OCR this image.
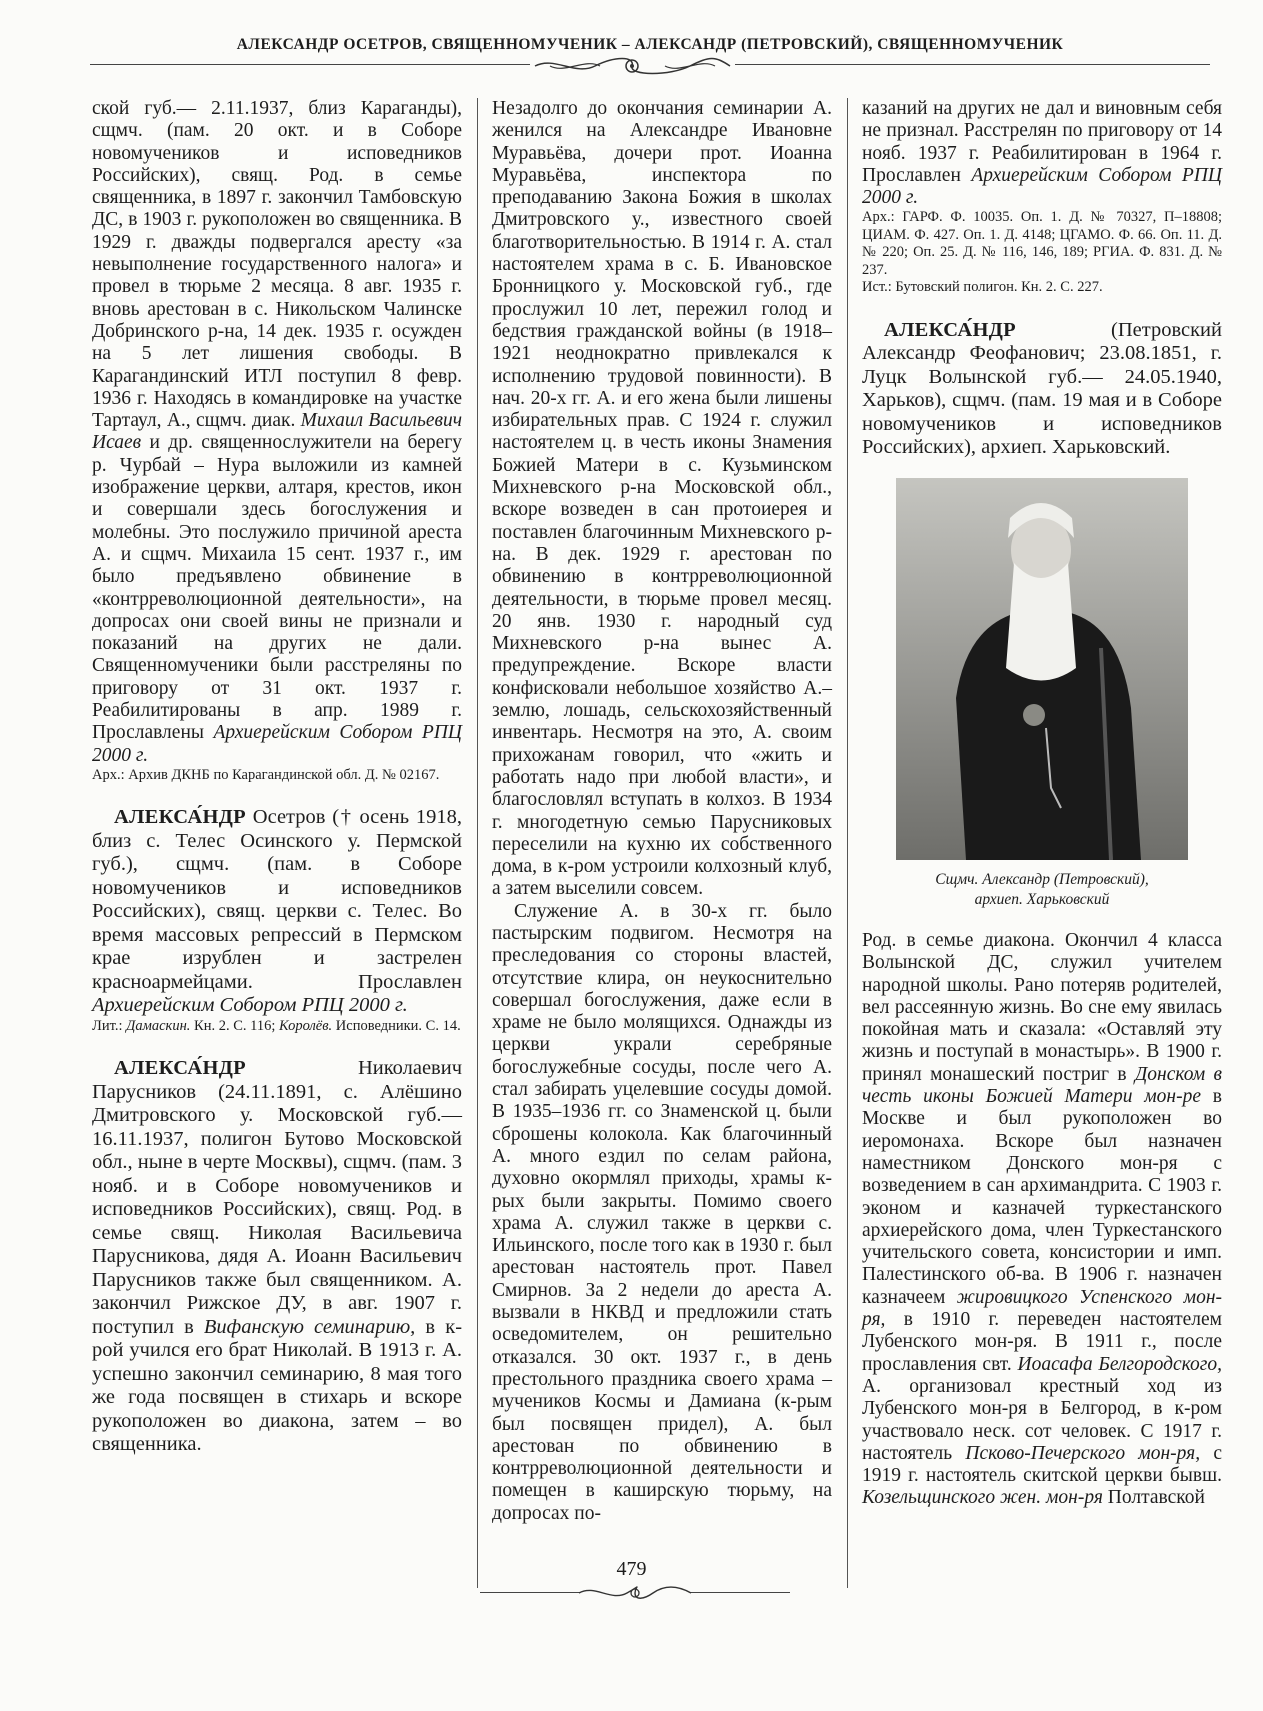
АЛЕКСАНДР ОСЕТРОВ, СВЯЩЕННОМУЧЕНИК – АЛЕКСАНДР (ПЕТРОВСКИЙ), СВЯЩЕННОМУЧЕНИК

ской губ.— 2.11.1937, близ Караганды), сщмч. (пам. 20 окт. и в Соборе новомучеников и исповедников Российских), свящ. Род. в семье священника, в 1897 г. закончил Тамбовскую ДС, в 1903 г. рукоположен во священника. В 1929 г. дважды подвергался аресту «за невыполнение государственного налога» и провел в тюрьме 2 месяца. 8 авг. 1935 г. вновь арестован в с. Никольском Чалинске Добринского р-на, 14 дек. 1935 г. осужден на 5 лет лишения свободы. В Карагандинский ИТЛ поступил 8 февр. 1936 г. Находясь в командировке на участке Тартаул, А., сщмч. диак. Михаил Васильевич Исаев и др. священнослужители на берегу р. Чурбай – Нура выложили из камней изображение церкви, алтаря, крестов, икон и совершали здесь богослужения и молебны. Это послужило причиной ареста А. и сщмч. Михаила 15 сент. 1937 г., им было предъявлено обвинение в «контрреволюционной деятельности», на допросах они своей вины не признали и показаний на других не дали. Священномученики были расстреляны по приговору от 31 окт. 1937 г. Реабилитированы в апр. 1989 г. Прославлены Архиерейским Собором РПЦ 2000 г.

Арх.: Архив ДКНБ по Карагандинской обл. Д. № 02167.

АЛЕКСА́НДР Осетров († осень 1918, близ с. Телес Осинского у. Пермской губ.), сщмч. (пам. в Соборе новомучеников и исповедников Российских), свящ. церкви с. Телес. Во время массовых репрессий в Пермском крае изрублен и застрелен красноармейцами. Прославлен Архиерейским Собором РПЦ 2000 г.

Лит.: Дамаскин. Кн. 2. С. 116; Королёв. Исповедники. С. 14.

АЛЕКСА́НДР	Николаевич Парусников (24.11.1891, с. Алёшино Дмитровского у. Московской губ.— 16.11.1937, полигон Бутово Московской обл., ныне в черте Москвы), сщмч. (пам. 3 нояб. и в Соборе новомучеников и исповедников Российских), свящ. Род. в семье свящ. Николая Васильевича Парусникова, дядя А. Иоанн Васильевич Парусников также был священником. А. закончил Рижское ДУ, в авг. 1907 г. поступил в Вифанскую семинарию, в к-рой учился его брат Николай. В 1913 г. А. успешно закончил семинарию, 8 мая того же года посвящен в стихарь и вскоре рукоположен во диакона, затем – во священника.

Незадолго до окончания семинарии А. женился на Александре Ивановне Муравьёва, дочери прот. Иоанна Муравьёва, инспектора по преподаванию Закона Божия в школах Дмитровского у., известного своей благотворительностью. В 1914 г. А. стал настоятелем храма в с. Б. Ивановское Бронницкого у. Московской губ., где прослужил 10 лет, пережил голод и бедствия гражданской войны (в 1918–1921 неоднократно привлекался к исполнению трудовой повинности). В нач. 20-х гг. А. и его жена были лишены избирательных прав. С 1924 г. служил настоятелем ц. в честь иконы Знамения Божией Матери в с. Кузьминском Михневского р-на Московской обл., вскоре возведен в сан протоиерея и поставлен благочинным Михневского р-на. В дек. 1929 г. арестован по обвинению в контрреволюционной деятельности, в тюрьме провел месяц. 20 янв. 1930 г. народный суд Михневского р-на вынес А. предупреждение. Вскоре власти конфисковали небольшое хозяйство А.– землю, лошадь, сельскохозяйственный инвентарь. Несмотря на это, А. своим прихожанам говорил, что «жить и работать надо при любой власти», и благословлял вступать в колхоз. В 1934 г. многодетную семью Парусниковых переселили на кухню их собственного дома, в к-ром устроили колхозный клуб, а затем выселили совсем.

Служение А. в 30-х гг. было пастырским подвигом. Несмотря на преследования со стороны властей, отсутствие клира, он неукоснительно совершал богослужения, даже если в храме не было молящихся. Однажды из церкви украли серебряные богослужебные сосуды, после чего А. стал забирать уцелевшие сосуды домой. В 1935–1936 гг. со Знаменской ц. были сброшены колокола. Как благочинный А. много ездил по селам района, духовно окормлял приходы, храмы к-рых были закрыты. Помимо своего храма А. служил также в церкви с. Ильинского, после того как в 1930 г. был арестован настоятель прот. Павел Смирнов. За 2 недели до ареста А. вызвали в НКВД и предложили стать осведомителем, он решительно отказался. 30 окт. 1937 г., в день престольного праздника своего храма – мучеников Космы и Дамиана (к-рым был посвящен придел), А. был арестован по обвинению в контрреволюционной деятельности и помещен в каширскую тюрьму, на допросах по-

казаний на других не дал и виновным себя не признал. Расстрелян по приговору от 14 нояб. 1937 г. Реабилитирован в 1964 г. Прославлен Архиерейским Собором РПЦ 2000 г.

Арх.: ГАРФ. Ф. 10035. Оп. 1. Д. № 70327, П–18808; ЦИАМ. Ф. 427. Оп. 1. Д. 4148; ЦГАМО. Ф. 66. Оп. 11. Д. № 220; Оп. 25. Д. № 116, 146, 189; РГИА. Ф. 831. Д. № 237.

Ист.: Бутовский полигон. Кн. 2. С. 227.

АЛЕКСА́НДР	(Петровский Александр Феофанович; 23.08.1851, г. Луцк Волынской губ.— 24.05.1940, Харьков), сщмч. (пам. 19 мая и в Соборе новомучеников и исповедников Российских), архиеп. Харьковский.

Сщмч. Александр (Петровский),
архиеп. Харьковский

Род. в семье диакона. Окончил 4 класса Волынской ДС, служил учителем народной школы. Рано потеряв родителей, вел рассеянную жизнь. Во сне ему явилась покойная мать и сказала: «Оставляй эту жизнь и поступай в монастырь». В 1900 г. принял монашеский постриг в Донском в честь иконы Божией Матери мон-ре в Москве и был рукоположен во иеромонаха. Вскоре был назначен наместником Донского мон-ря с возведением в сан архимандрита. С 1903 г. эконом и казначей туркестанского архиерейского дома, член Туркестанского учительского совета, консистории и имп. Палестинского об-ва. В 1906 г. назначен казначеем жировицкого Успенского мон-ря, в 1910 г. переведен настоятелем Лубенского мон-ря. В 1911 г., после прославления свт. Иоасафа Белгородского, А. организовал крестный ход из Лубенского мон-ря в Белгород, в к-ром участвовало неск. сот человек. С 1917 г. настоятель Псково-Печерского мон-ря, с 1919 г. настоятель скитской церкви бывш. Козельщинского жен. мон-ря Полтавской

479
